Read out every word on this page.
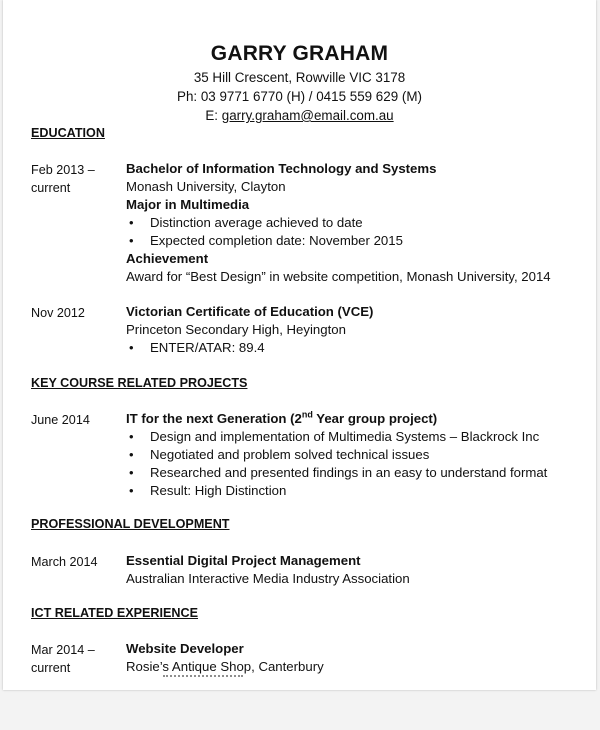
GARRY GRAHAM
35 Hill Crescent, Rowville VIC 3178
Ph: 03 9771 6770 (H) / 0415 559 629 (M)
E: garry.graham@email.com.au
EDUCATION
Feb 2013 –
current
Bachelor of Information Technology and Systems
Monash University, Clayton
Major in Multimedia
• Distinction average achieved to date
• Expected completion date: November 2015
Achievement
Award for “Best Design” in website competition, Monash University, 2014
Nov 2012	Victorian Certificate of Education (VCE)
Princeton Secondary High, Heyington
• ENTER/ATAR: 89.4
KEY COURSE RELATED PROJECTS
June 2014	IT for the next Generation (2nd Year group project)
• Design and implementation of Multimedia Systems – Blackrock Inc
• Negotiated and problem solved technical issues
• Researched and presented findings in an easy to understand format
• Result: High Distinction
PROFESSIONAL DEVELOPMENT
March 2014 Essential Digital Project Management
Australian Interactive Media Industry Association
ICT RELATED EXPERIENCE
Mar 2014 –
current
Website Developer
Rosie’s Antique Shop, Canterbury
